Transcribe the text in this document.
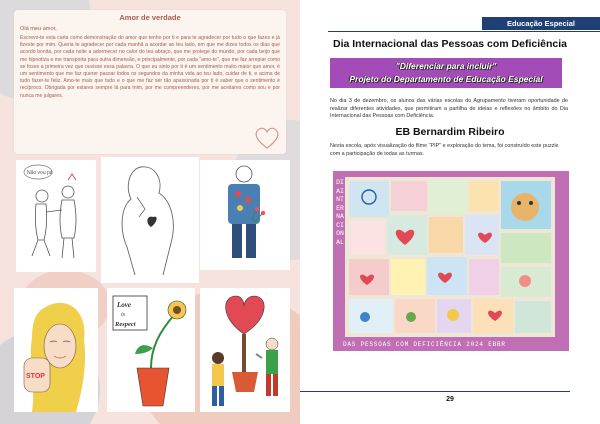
Amor de verdade
Olá meu amor,

Escrevo-te esta carta como demonstração do amor que tenho por ti e para te agradecer por tudo o que fazes e já fizeste por mim. Queria te agradecer por cada manhã a acordar ao teu lado, em que me dizes todos os dias que acordo bonita, por cada noite a adormecer no calor do teu abraço, que me protege do mundo, por cada beijo que me hipnotiza e me transporta para outra dimensão, e principalmente, por cada "amo-te", que me faz arrepiar como se fosse a primeira vez que ouvisse essa palavra. O que eu sinto por ti é um sentimento muito maior que amor, é um sentimento que me faz querer passar todos os segundos da minha vida ao teu lado, cuidar de ti, e acima de tudo fazer-te feliz. Amo-te mais que tudo e o que me faz ser tão apaixonada por ti é saber que o sentimento é recíproco. Obrigada por estares sempre lá para mim, por me compreenderes, por me aceitares como sou e por nunca me julgares.

Não vou pá
STOP
Love
is
Respect
Educação Especial
Dia Internacional das Pessoas com Deficiência
"Diferenciar para incluir"
Projeto do Departamento de Educação Especial

No dia 3 de dezembro, os alunos das várias escolas do Agrupamento tiveram oportunidade de realizar diferentes atividades, que permitiram a partilha de ideias e reflexões no âmbito do Dia Internacional das Pessoas com Deficiência.

EB Bernardim Ribeiro

Nesta escola, após visualização do filme "PIP" e exploração do tema, foi construído este puzzle com a participação de todas as turmas.

DIAINTERNACIONAL
DAS PESSOAS COM DEFICIÊNCIA 2024 EBBR
29
